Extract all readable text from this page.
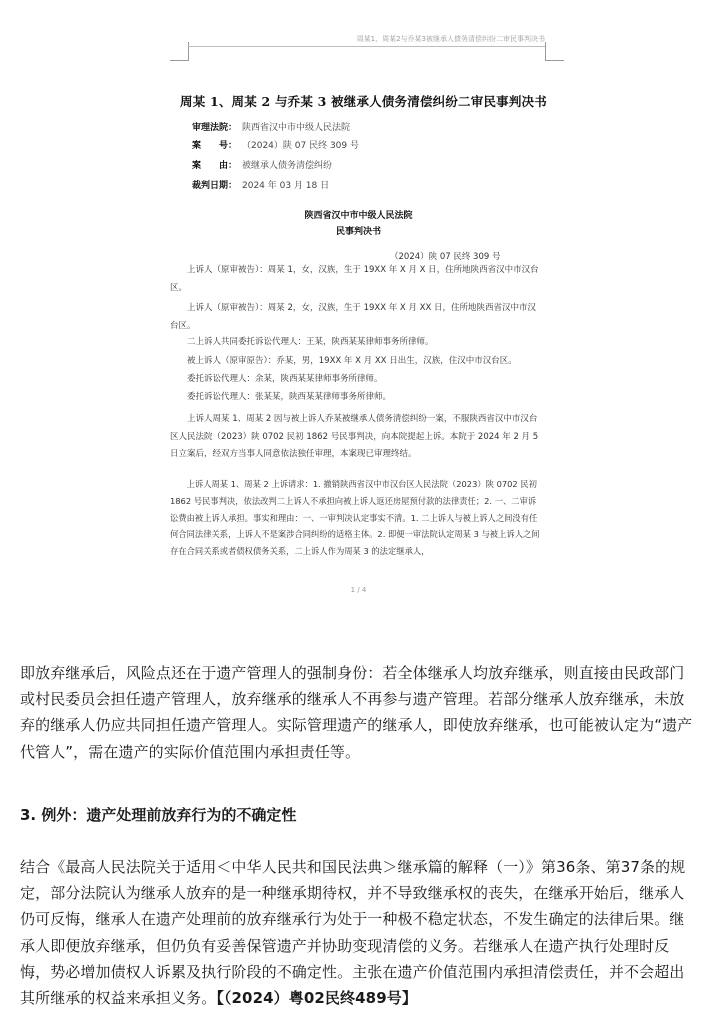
周某1、周某2与乔某3被继承人债务清偿纠纷二审民事判决书
周某 1、周某 2 与乔某 3 被继承人债务清偿纠纷二审民事判决书
审理法院： 陕西省汉中市中级人民法院
案　　号： （2024）陕 07 民终 309 号
案　　由： 被继承人债务清偿纠纷
裁判日期： 2024 年 03 月 18 日
陕西省汉中市中级人民法院
民事判决书
（2024）陕 07 民终 309 号
　　上诉人（原审被告）：周某 1，女，汉族，生于 19XX 年 X 月 X 日，住所地陕西省汉中市汉台区。
　　上诉人（原审被告）：周某 2，女，汉族，生于 19XX 年 X 月 XX 日，住所地陕西省汉中市汉台区。
　　二上诉人共同委托诉讼代理人：王某，陕西某某律师事务所律师。
　　被上诉人（原审原告）：乔某，男，19XX 年 X 月 XX 日出生，汉族，住汉中市汉台区。
　　委托诉讼代理人：余某，陕西某某律师事务所律师。
　　委托诉讼代理人：张某某，陕西某某律师事务所律师。
　　上诉人周某 1、周某 2 因与被上诉人乔某被继承人债务清偿纠纷一案，不服陕西省汉中市汉台区人民法院（2023）陕 0702 民初 1862 号民事判决，向本院提起上诉。本院于 2024 年 2 月 5 日立案后，经双方当事人同意依法独任审理，本案现已审理终结。
　　上诉人周某 1、周某 2 上诉请求：1. 撤销陕西省汉中市汉台区人民法院（2023）陕 0702 民初 1862 号民事判决，依法改判二上诉人不承担向被上诉人返还房屋预付款的法律责任；2. 一、二审诉讼费由被上诉人承担。事实和理由：一、一审判决认定事实不清。1. 二上诉人与被上诉人之间没有任何合同法律关系，上诉人不是案涉合同纠纷的适格主体。2. 即便一审法院认定周某 3 与被上诉人之间存在合同关系或者债权债务关系，二上诉人作为周某 3 的法定继承人，
1 / 4

即放弃继承后，风险点还在于遗产管理人的强制身份：若全体继承人均放弃继承，则直接由民政部门或村民委员会担任遗产管理人，放弃继承的继承人不再参与遗产管理。若部分继承人放弃继承，未放弃的继承人仍应共同担任遗产管理人。实际管理遗产的继承人，即使放弃继承，也可能被认定为“遗产代管人”，需在遗产的实际价值范围内承担责任等。

3. 例外：遗产处理前放弃行为的不确定性

结合《最高人民法院关于适用＜中华人民共和国民法典＞继承篇的解释（一）》第36条、第37条的规定，部分法院认为继承人放弃的是一种继承期待权，并不导致继承权的丧失，在继承开始后，继承人仍可反悔，继承人在遗产处理前的放弃继承行为处于一种极不稳定状态，不发生确定的法律后果。继承人即便放弃继承，但仍负有妥善保管遗产并协助变现清偿的义务。若继承人在遗产执行处理时反悔，势必增加债权人诉累及执行阶段的不确定性。主张在遗产价值范围内承担清偿责任，并不会超出其所继承的权益来承担义务。【（2024）粤02民终489号】
